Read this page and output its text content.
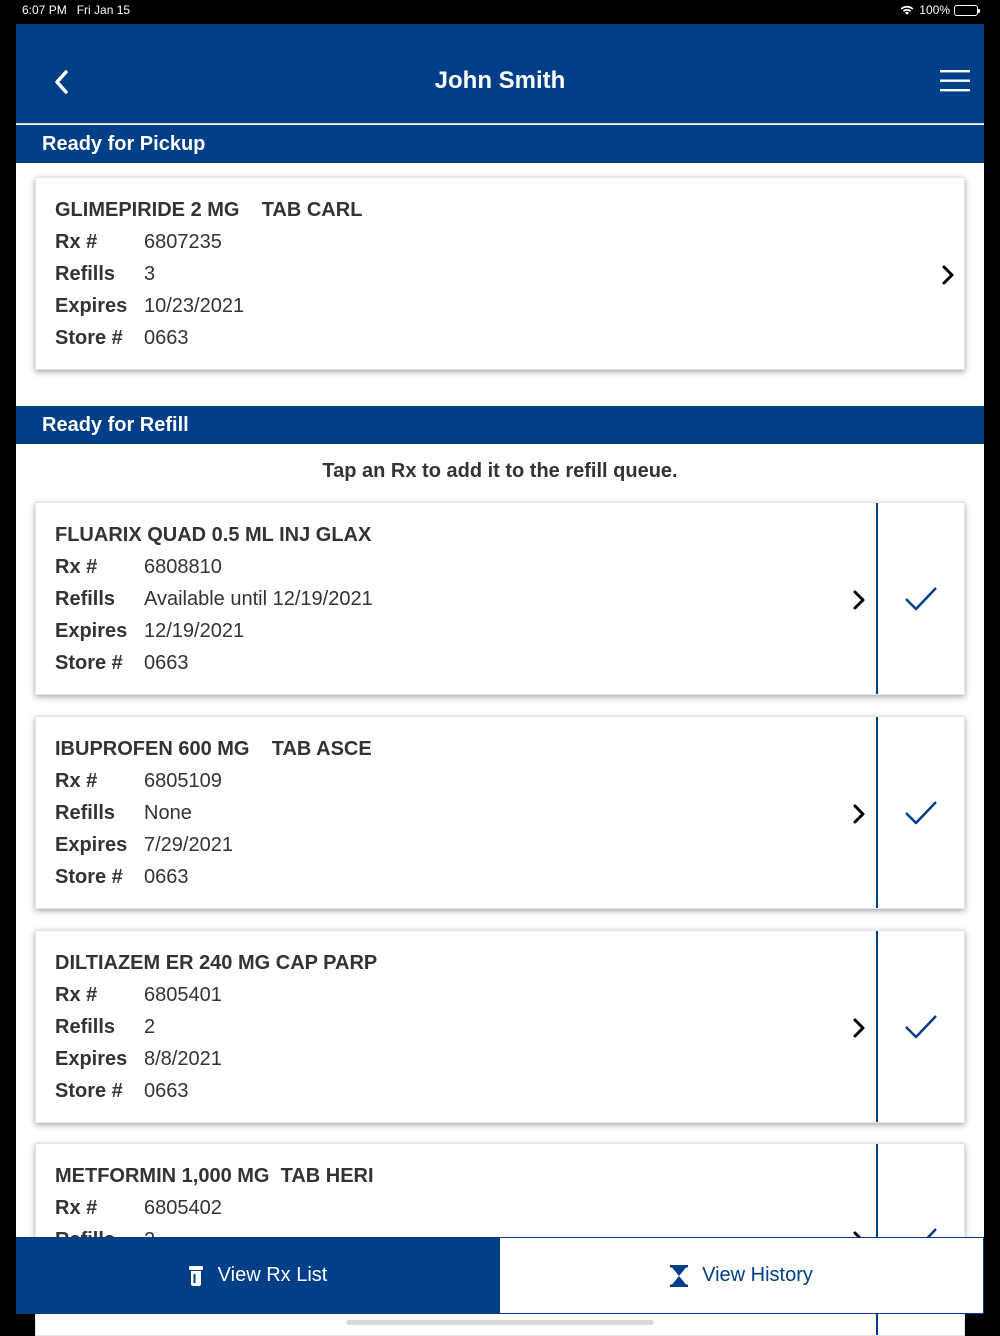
6:07 PM Fri Jan 15	100%
John Smith
Ready for Pickup
GLIMEPIRIDE 2 MG    TAB CARL
Rx # 6807235
Refills 3
Expires 10/23/2021
Store # 0663
Ready for Refill
Tap an Rx to add it to the refill queue.
FLUARIX QUAD 0.5 ML INJ GLAX
Rx # 6808810
Refills Available until 12/19/2021
Expires 12/19/2021
Store # 0663
IBUPROFEN 600 MG    TAB ASCE
Rx # 6805109
Refills None
Expires 7/29/2021
Store # 0663
DILTIAZEM ER 240 MG CAP PARP
Rx # 6805401
Refills 2
Expires 8/8/2021
Store # 0663
METFORMIN 1,000 MG  TAB HERI
Rx # 6805402
View Rx List	View History
